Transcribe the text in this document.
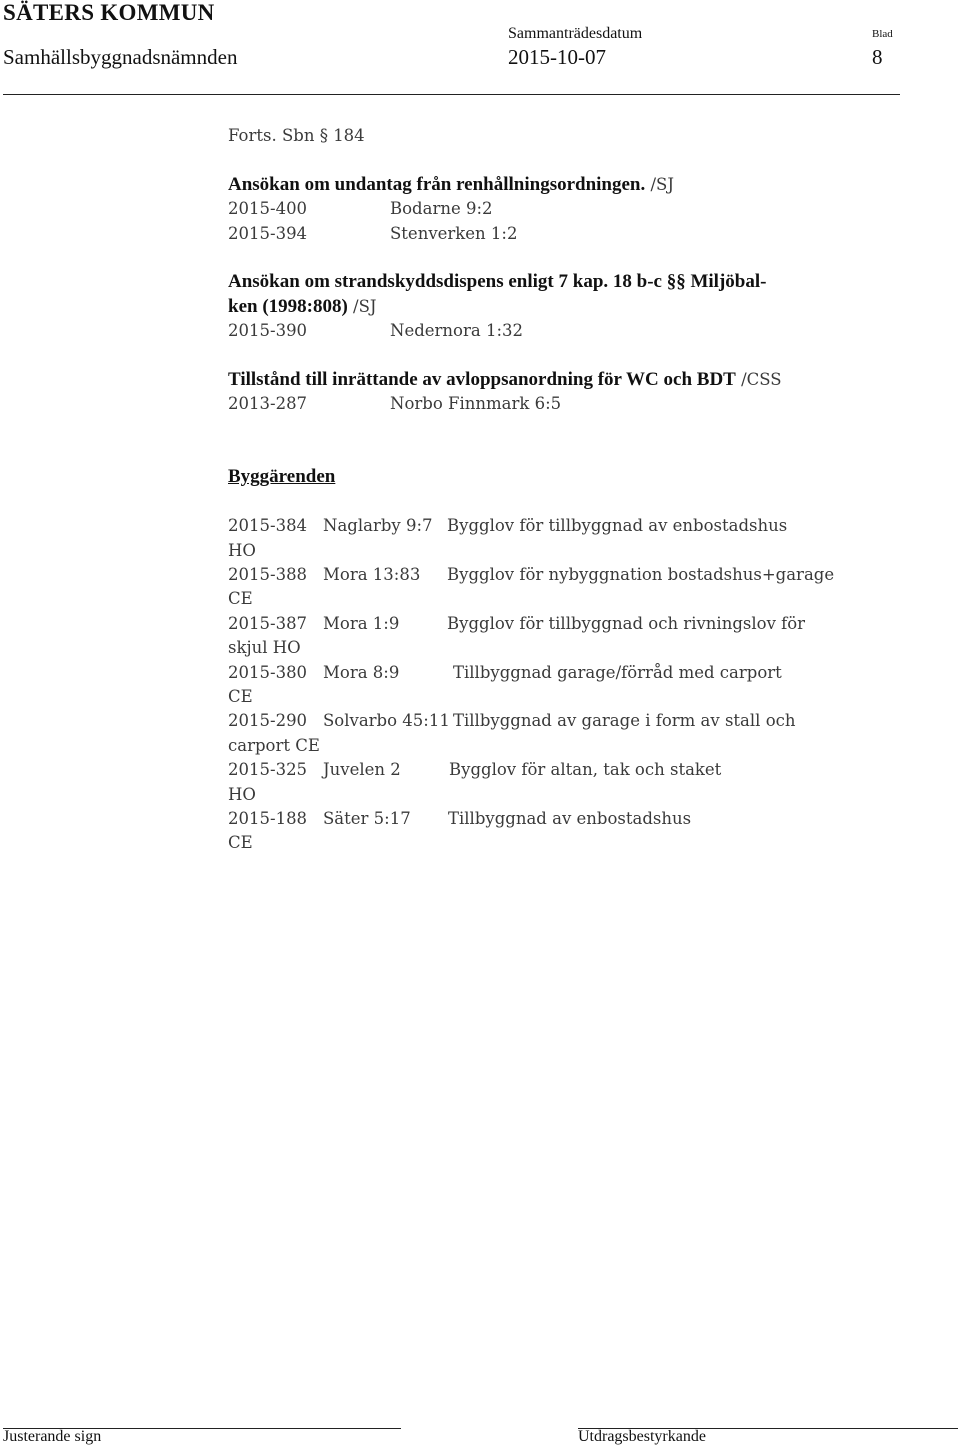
SÄTERS KOMMUN
Samhällsbyggnadsnämnden
Sammanträdesdatum
2015-10-07
Blad
8
Forts. Sbn § 184
Ansökan om undantag från renhållningsordningen. /SJ
2015-400	Bodarne 9:2
2015-394	Stenverken 1:2
Ansökan om strandskyddsdispens enligt 7 kap. 18 b-c §§ Miljöbal-
ken (1998:808) /SJ
2015-390	Nedernora 1:32
Tillstånd till inrättande av avloppsanordning för WC och BDT /CSS
2013-287	Norbo Finnmark 6:5
Byggärenden
2015-384 Naglarby 9:7 Bygglov för tillbyggnad av enbostadshus
HO
2015-388 Mora 13:83 Bygglov för nybyggnation bostadshus+garage
CE
2015-387 Mora 1:9	Bygglov för tillbyggnad och rivningslov för
skjul HO
2015-380 Mora 8:9	Tillbyggnad garage/förråd med carport
CE
2015-290 Solvarbo 45:11 Tillbyggnad av garage i form av stall och
carport CE
2015-325 Juvelen 2	Bygglov för altan, tak och staket
HO
2015-188 Säter 5:17 Tillbyggnad av enbostadshus
CE
Justerande sign	Utdragsbestyrkande
